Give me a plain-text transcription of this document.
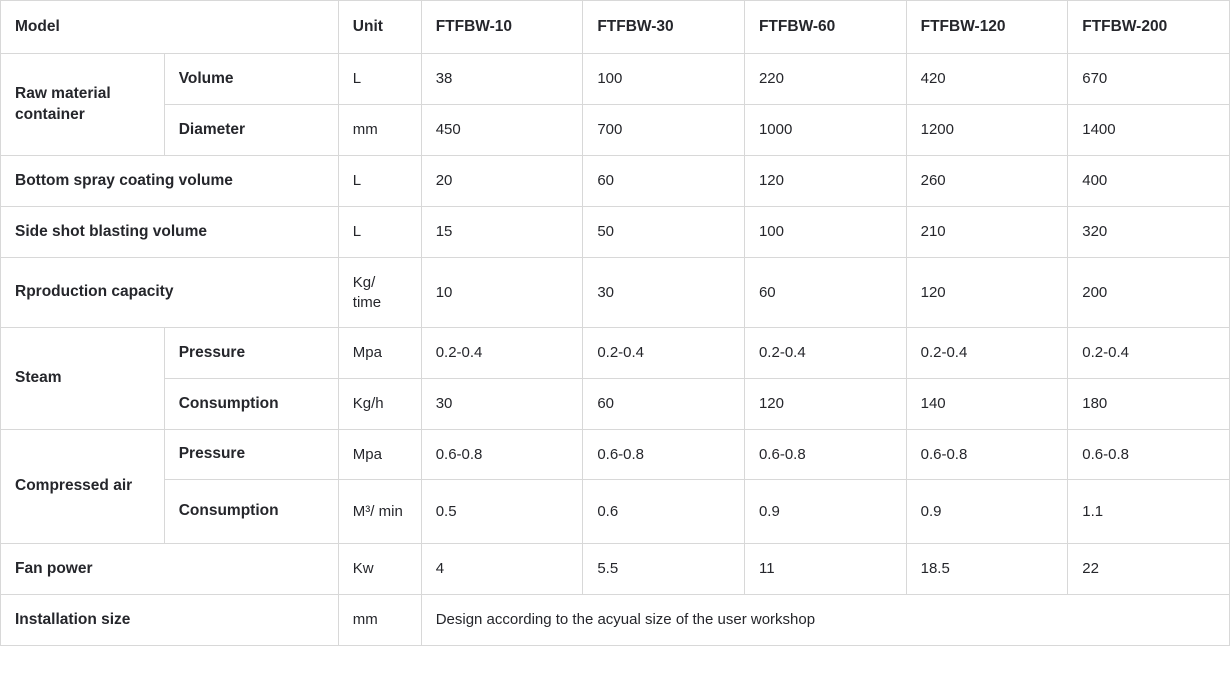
Model		Unit	FTFBW-10	FTFBW-30	FTFBW-60	FTFBW-120	FTFBW-200
Raw material container	Volume	L	38	100	220	420	670
	Diameter	mm	450	700	1000	1200	1400
Bottom spray coating volume		L	20	60	120	260	400
Side shot blasting volume		L	15	50	100	210	320
Rproduction capacity		Kg/ time	10	30	60	120	200
Steam	Pressure	Mpa	0.2-0.4	0.2-0.4	0.2-0.4	0.2-0.4	0.2-0.4
	Consumption	Kg/h	30	60	120	140	180
Compressed air	Pressure	Mpa	0.6-0.8	0.6-0.8	0.6-0.8	0.6-0.8	0.6-0.8
	Consumption	M³/ min	0.5	0.6	0.9	0.9	1.1
Fan power		Kw	4	5.5	11	18.5	22
Installation size		mm	Design according to the acyual size of the user workshop				
